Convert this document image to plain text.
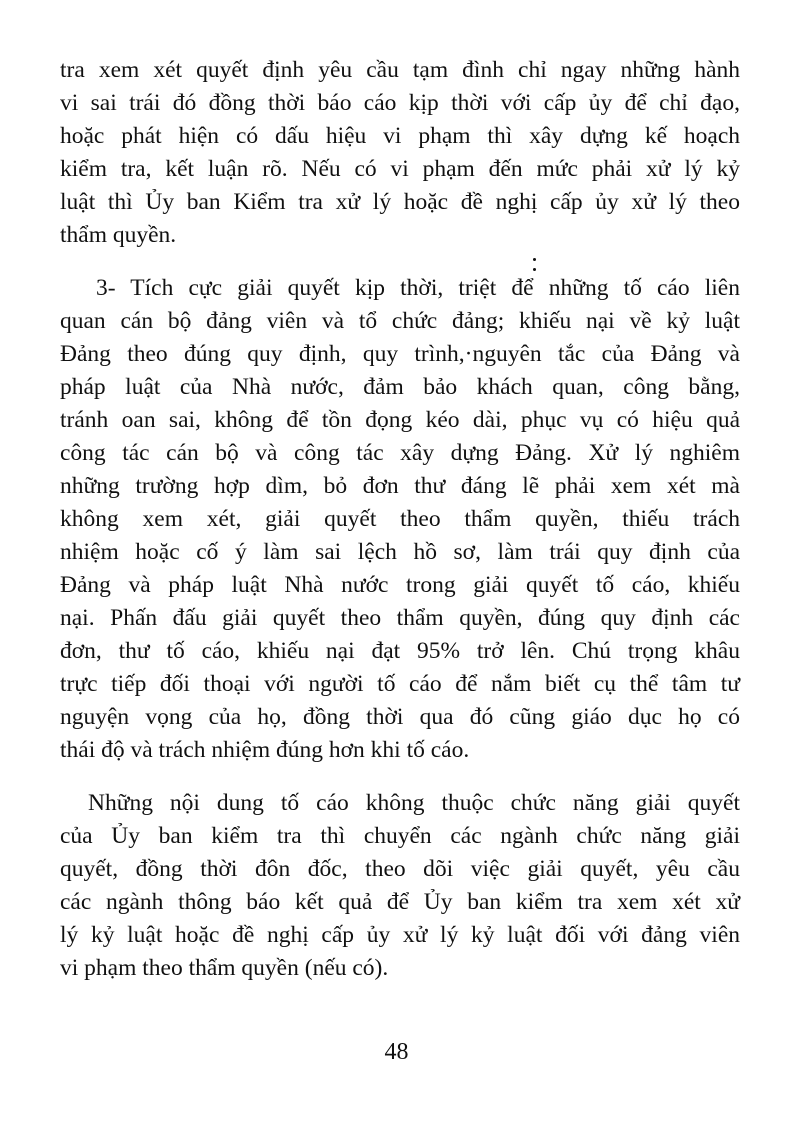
tra xem xét quyết định yêu cầu tạm đình chỉ ngay những hành
vi sai trái đó đồng thời báo cáo kịp thời với cấp ủy để chỉ đạo,
hoặc phát hiện có dấu hiệu vi phạm thì xây dựng kế hoạch
kiểm tra, kết luận rõ. Nếu có vi phạm đến mức phải xử lý kỷ
luật thì Ủy ban Kiểm tra xử lý hoặc đề nghị cấp ủy xử lý theo
thẩm quyền.
3- Tích cực giải quyết kịp thời, triệt để những tố cáo liên
quan cán bộ đảng viên và tổ chức đảng; khiếu nại về kỷ luật
Đảng theo đúng quy định, quy trình,·nguyên tắc của Đảng và
pháp luật của Nhà nước, đảm bảo khách quan, công bằng,
tránh oan sai, không để tồn đọng kéo dài, phục vụ có hiệu quả
công tác cán bộ và công tác xây dựng Đảng. Xử lý nghiêm
những trường hợp dìm, bỏ đơn thư đáng lẽ phải xem xét mà
không xem xét, giải quyết theo thẩm quyền, thiếu trách
nhiệm hoặc cố ý làm sai lệch hồ sơ, làm trái quy định của
Đảng và pháp luật Nhà nước trong giải quyết tố cáo, khiếu
nại. Phấn đấu giải quyết theo thẩm quyền, đúng quy định các
đơn, thư tố cáo, khiếu nại đạt 95% trở lên. Chú trọng khâu
trực tiếp đối thoại với người tố cáo để nắm biết cụ thể tâm tư
nguyện vọng của họ, đồng thời qua đó cũng giáo dục họ có
thái độ và trách nhiệm đúng hơn khi tố cáo.
Những nội dung tố cáo không thuộc chức năng giải quyết
của Ủy ban kiểm tra thì chuyển các ngành chức năng giải
quyết, đồng thời đôn đốc, theo dõi việc giải quyết, yêu cầu
các ngành thông báo kết quả để Ủy ban kiểm tra xem xét xử
lý kỷ luật hoặc đề nghị cấp ủy xử lý kỷ luật đối với đảng viên
vi phạm theo thẩm quyền (nếu có).
48
